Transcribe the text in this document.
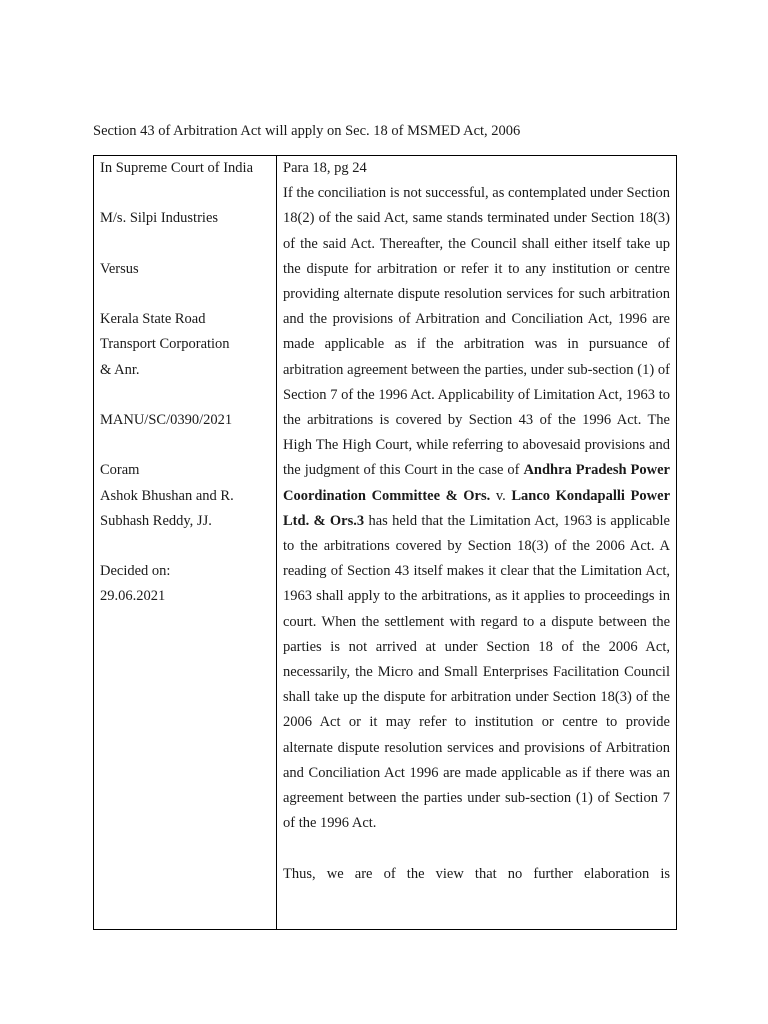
Section 43 of Arbitration Act will apply on Sec. 18 of MSMED Act, 2006

In Supreme Court of India

M/s. Silpi Industries

Versus

Kerala State Road

Transport Corporation

& Anr.

MANU/SC/0390/2021

Coram

Ashok Bhushan and R.

Subhash Reddy, JJ.

Decided on:

29.06.2021

Para 18, pg 24

If the conciliation is not successful, as contemplated under Section 18(2) of the said Act, same stands terminated under Section 18(3) of the said Act. Thereafter, the Council shall either itself take up the dispute for arbitration or refer it to any institution or centre providing alternate dispute resolution services for such arbitration and the provisions of Arbitration and Conciliation Act, 1996 are made applicable as if the arbitration was in pursuance of arbitration agreement between the parties, under sub-section (1) of Section 7 of the 1996 Act. Applicability of Limitation Act, 1963 to the arbitrations is covered by Section 43 of the 1996 Act. The High The High Court, while referring to abovesaid provisions and the judgment of this Court in the case of Andhra Pradesh Power Coordination Committee & Ors. v. Lanco Kondapalli Power Ltd. & Ors.3 has held that the Limitation Act, 1963 is applicable to the arbitrations covered by Section 18(3) of the 2006 Act. A reading of Section 43 itself makes it clear that the Limitation Act, 1963 shall apply to the arbitrations, as it applies to proceedings in court. When the settlement with regard to a dispute between the parties is not arrived at under Section 18 of the 2006 Act, necessarily, the Micro and Small Enterprises Facilitation Council shall take up the dispute for arbitration under Section 18(3) of the 2006 Act or it may refer to institution or centre to provide alternate dispute resolution services and provisions of Arbitration and Conciliation Act 1996 are made applicable as if there was an agreement between the parties under sub-section (1) of Section 7 of the 1996 Act.

Thus, we are of the view that no further elaboration is
